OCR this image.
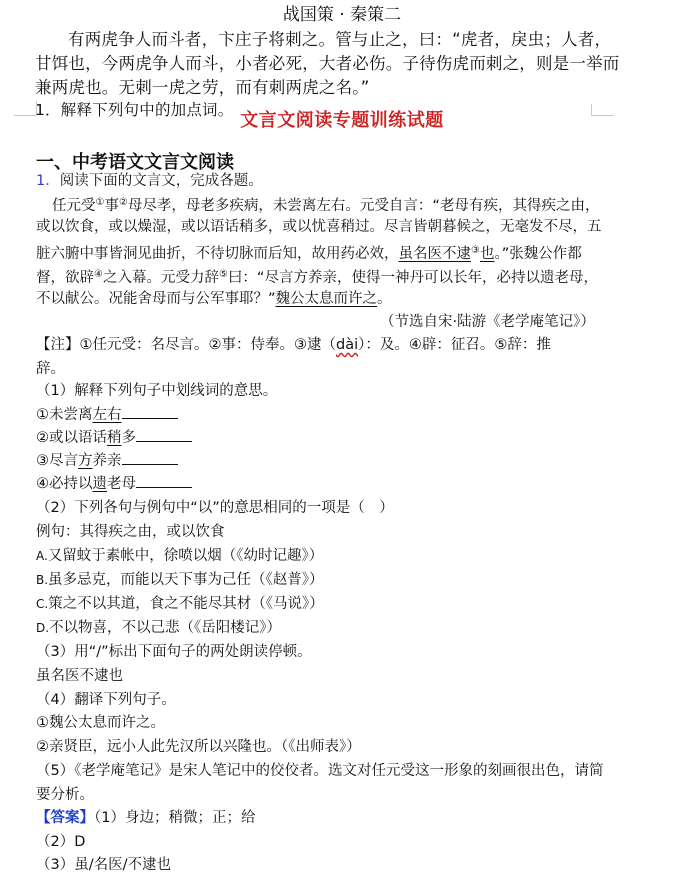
战国策 · 秦策二
有两虎争人而斗者，卞庄子将刺之。管与止之，曰：“虎者，戾虫；人者，
甘饵也，今两虎争人而斗，小者必死，大者必伤。子待伤虎而刺之，则是一举而
兼两虎也。无刺一虎之劳，而有刺两虎之名。”
1．解释下列句中的加点词。 文言文阅读专题训练试题
一、中考语文文言文阅读
1．阅读下面的文言文，完成各题。
任元受①事②母尽孝，母老多疾病，未尝离左右。元受自言：“老母有疾，其得疾之由，
或以饮食，或以燥湿，或以语话稍多，或以忧喜稍过。尽言皆朝暮候之，无毫发不尽，五
脏六腑中事皆洞见曲折，不待切脉而后知，故用药必效，虽名医不逮③也。”张魏公作都
督，欲辟④之入幕。元受力辞⑤曰：“尽言方养亲，使得一神丹可以长年，必持以遗老母，
不以献公。况能舍母而与公军事耶？”魏公太息而许之。
（节选自宋·陆游《老学庵笔记》）
【注】①任元受：名尽言。②事：侍奉。③逮（dài）：及。④辟：征召。⑤辞：推
辞。
（1）解释下列句子中划线词的意思。
①未尝离左右
②或以语话稍多
③尽言方养亲
④必持以遗老母
（2）下列各句与例句中“以”的意思相同的一项是（　）
例句：其得疾之由，或以饮食
A.又留蚊于素帐中，徐喷以烟（《幼时记趣》）
B.虽多忌克，而能以天下事为己任（《赵普》）
C.策之不以其道，食之不能尽其材（《马说》）
D.不以物喜，不以己悲（《岳阳楼记》）
（3）用“/”标出下面句子的两处朗读停顿。
虽名医不逮也
（4）翻译下列句子。
①魏公太息而许之。
②亲贤臣，远小人此先汉所以兴隆也。（《出师表》）
（5）《老学庵笔记》是宋人笔记中的佼佼者。选文对任元受这一形象的刻画很出色，请简
要分析。
【答案】（1）身边；稍微；正；给
（2）D
（3）虽/名医/不逮也
